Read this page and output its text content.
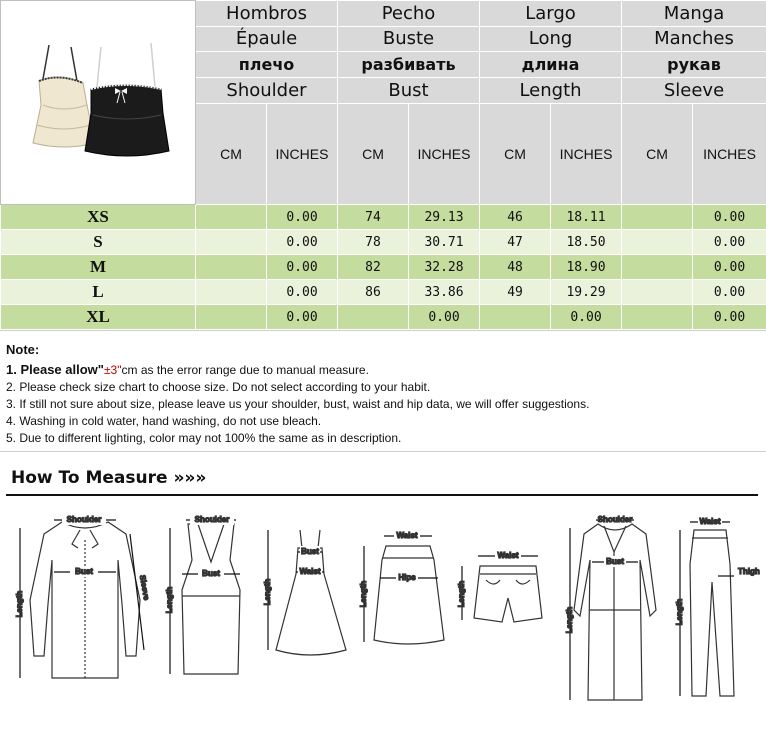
	Hombros		Pecho		Largo		Manga	
	Épaule		Buste		Long		Manches	
	плечо		разбивать		длина		рукав	
	Shoulder		Bust		Length		Sleeve	
	CM	INCHES	CM	INCHES	CM	INCHES	CM	INCHES
XS		0.00	74	29.13	46	18.11		0.00
S		0.00	78	30.71	47	18.50		0.00
M		0.00	82	32.28	48	18.90		0.00
L		0.00	86	33.86	49	19.29		0.00
XL		0.00		0.00		0.00		0.00
Note:
1. Please allow"±3"cm as the error range due to manual measure.
2. Please check size chart to choose size. Do not select according to your habit.
3. If still not sure about size, please leave us your shoulder, bust, waist and hip data, we will offer suggestions.
4. Washing in cold water, hand washing, do not use bleach.
5. Due to different lighting, color may not 100% the same as in description.
How To Measure »»»
Shoulder
Bust
Length
Sleeve
Shoulder
Bust
Length
Bust
Waist
Length
Waist
Hips
Length
Waist
Length
Shoulder
Bust
Length
Waist
Thigh
Length
